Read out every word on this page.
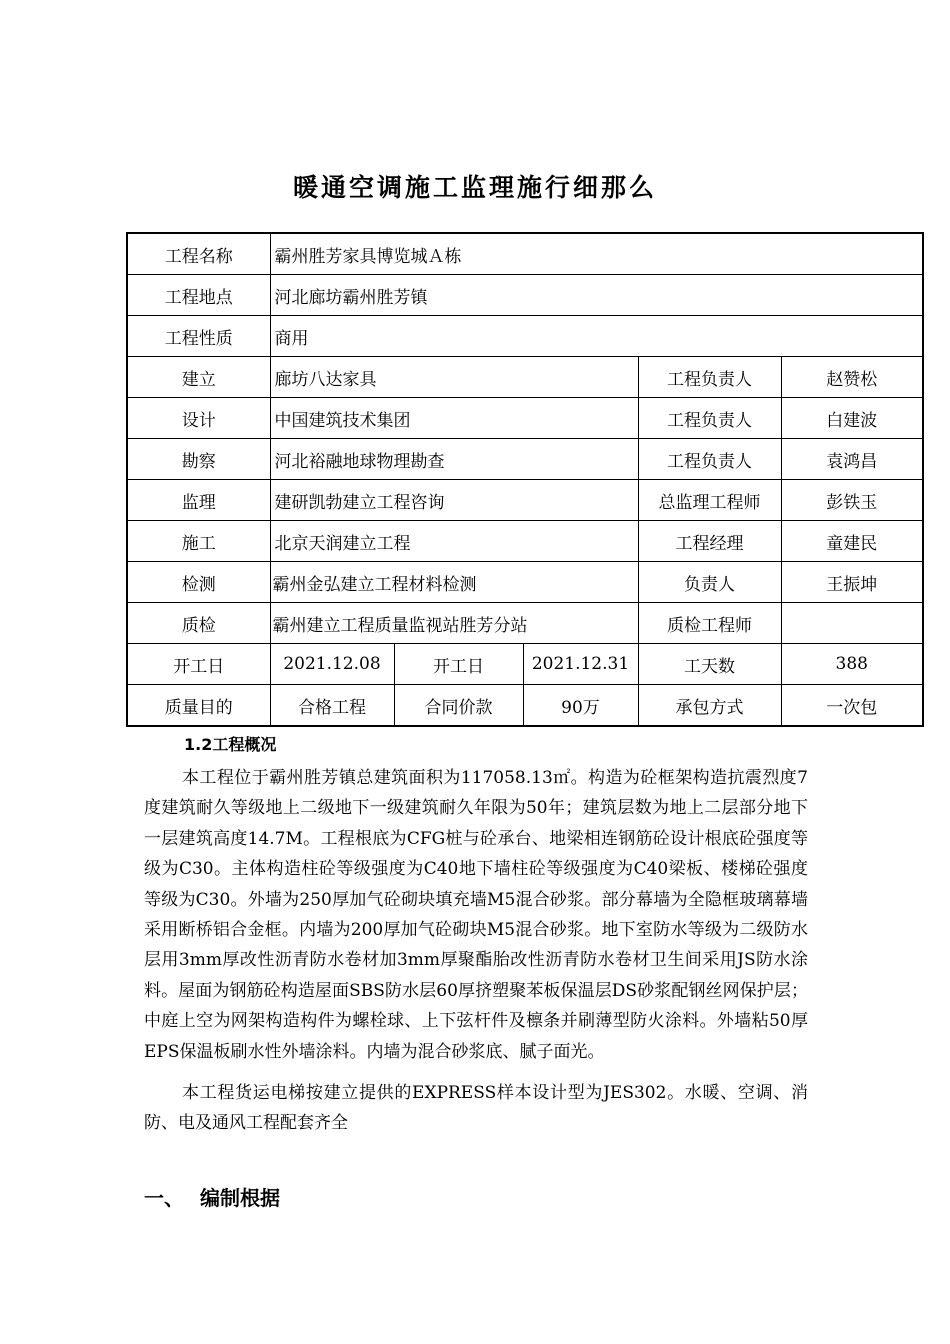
暖通空调施工监理施行细那么
工程名称	霸州胜芳家具博览城Ａ栋				
工程地点	河北廊坊霸州胜芳镇				
工程性质	商用				
建立	廊坊八达家具			工程负责人	赵赞松
设计	中国建筑技术集团			工程负责人	白建波
勘察	河北裕融地球物理勘查			工程负责人	袁鸿昌
监理	建研凯勃建立工程咨询			总监理工程师	彭铁玉
施工	北京天润建立工程			工程经理	童建民
检测	霸州金弘建立工程材料检测			负责人	王振坤
质检	霸州建立工程质量监视站胜芳分站			质检工程师	
开工日	2021.12.08	开工日	2021.12.31	工天数	388
质量目的	合格工程	合同价款	90万	承包方式	一次包
1.2工程概况

本工程位于霸州胜芳镇总建筑面积为117058.13㎡。构造为砼框架构造抗震烈度7度建筑耐久等级地上二级地下一级建筑耐久年限为50年；建筑层数为地上二层部分地下一层建筑高度14.7M。工程根底为CFG桩与砼承台、地梁相连钢筋砼设计根底砼强度等级为C30。主体构造柱砼等级强度为C40地下墙柱砼等级强度为C40梁板、楼梯砼强度等级为C30。外墙为250厚加气砼砌块填充墙M5混合砂浆。部分幕墙为全隐框玻璃幕墙采用断桥铝合金框。内墙为200厚加气砼砌块M5混合砂浆。地下室防水等级为二级防水层用3mm厚改性沥青防水卷材加3mm厚聚酯胎改性沥青防水卷材卫生间采用JS防水涂料。屋面为钢筋砼构造屋面SBS防水层60厚挤塑聚苯板保温层DS砂浆配钢丝网保护层；中庭上空为网架构造构件为螺栓球、上下弦杆件及檩条并刷薄型防火涂料。外墙粘50厚EPS保温板刷水性外墙涂料。内墙为混合砂浆底、腻子面光。

本工程货运电梯按建立提供的EXPRESS样本设计型为JES302。水暖、空调、消防、电及通风工程配套齐全

一、 编制根据
